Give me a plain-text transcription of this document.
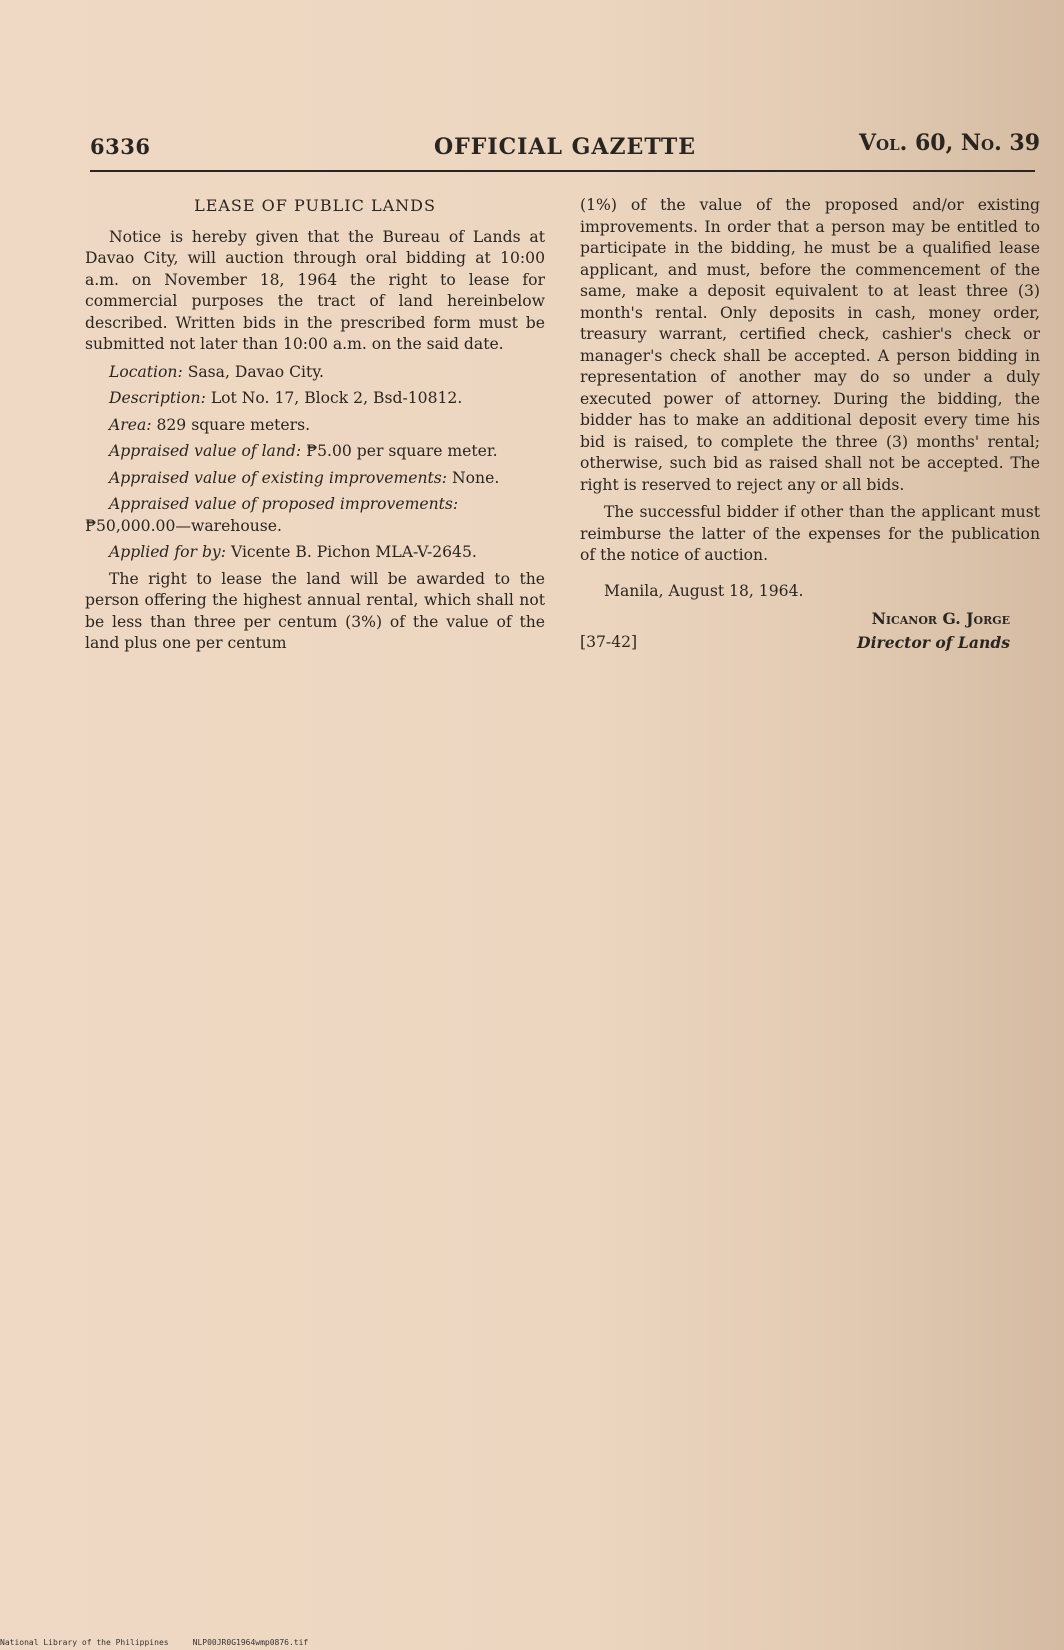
6336	OFFICIAL GAZETTE	Vol. 60, No. 39
LEASE OF PUBLIC LANDS

Notice is hereby given that the Bureau of Lands at Davao City, will auction through oral bidding at 10:00 a.m. on November 18, 1964 the right to lease for commercial purposes the tract of land hereinbelow described. Written bids in the prescribed form must be submitted not later than 10:00 a.m. on the said date.

Location: Sasa, Davao City.
Description: Lot No. 17, Block 2, Bsd-10812.
Area: 829 square meters.
Appraised value of land: ₱5.00 per square meter.
Appraised value of existing improvements: None.
Appraised value of proposed improvements: ₱50,000.00—warehouse.
Applied for by: Vicente B. Pichon MLA-V-2645.

The right to lease the land will be awarded to the person offering the highest annual rental, which shall not be less than three per centum (3%) of the value of the land plus one per centum

(1%) of the value of the proposed and/or existing improvements. In order that a person may be entitled to participate in the bidding, he must be a qualified lease applicant, and must, before the commencement of the same, make a deposit equivalent to at least three (3) month's rental. Only deposits in cash, money order, treasury warrant, certified check, cashier's check or manager's check shall be accepted. A person bidding in representation of another may do so under a duly executed power of attorney. During the bidding, the bidder has to make an additional deposit every time his bid is raised, to complete the three (3) months' rental; otherwise, such bid as raised shall not be accepted. The right is reserved to reject any or all bids.

The successful bidder if other than the applicant must reimburse the latter of the expenses for the publication of the notice of auction.

Manila, August 18, 1964.

Nicanor G. Jorge
[37-42]	Director of Lands
National Library of the Philippines     NLP00JR0G1964wmp0876.tif
